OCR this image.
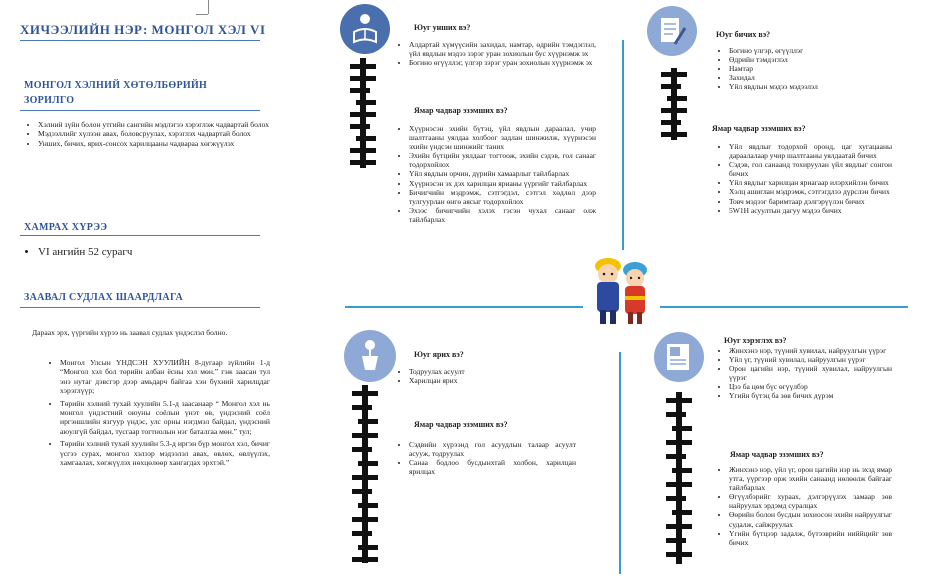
ХИЧЭЭЛИЙН НЭР: МОНГОЛ ХЭЛ VI
МОНГОЛ ХЭЛНИЙ ХӨТӨЛБӨРИЙН
ЗОРИЛГО
• Хэлний зүйн болон утгийн сангийн мэдлэгээ хэрэглэж чадвартай болох
• Мэдээллийг хүлээн авах, боловсруулах, хэрэглэх чадвартай болох
• Унших, бичих, ярих-сонсох харилцааны чадвараа хөгжүүлэх
ХАМРАХ ХҮРЭЭ
• VI ангийн 52 сурагч
ЗААВАЛ СУДЛАХ ШААРДЛАГА
Дараах эрх, үүргийн хүрээ нь заавал судлах үндэслэл болно.
• Монгол Улсын ҮНДСЭН ХУУЛИЙН 8-дугаар зүйлийн 1-д “Монгол хэл бол төрийн албан ёсны хэл мөн.” гэж заасан тул энэ нутаг дэвсгэр дээр амьдарч байгаа хэн бүхний харилцдаг хэрэглүүр;
• Төрийн хэлний тухай хуулийн 5.1-д заасанаар “ Монгол хэл нь монгол үндэстний оюуны соёлын үнэт өв, үндэсний соёл иргэншлийн язгуур үндэс, улс орны нэгдмэл байдал, үндэсний аюулгүй байдал, тусгаар тогтнолын нэг баталгаа мөн.” тул;
• Төрийн хэлний тухай хуулийн 5.3-д иргэн бүр монгол хэл, бичиг үсгээ сурах, монгол хэлээр мэдээлэл авах, өвлөх, өвлүүлэх, хамгаалах, хөгжүүлэх нөхцөлөөр хангагдах эрхтэй.”
Юуг унших вэ?
• Алдартай хүмүүсийн захидал, намтар, өдрийн тэмдэглэл, үйл явдлын мэдээ зэрэг уран зохиолын бус хүүрнэмж эх
• Богино өгүүллэг, үлгэр зэрэг уран зохиолын хүүрнэмж эх
Ямар чадвар эзэмших вэ?
• Хүүрнэсэн эхийн бүтэц, үйл явдлын дараалал, учир шалтгааны уялдаа холбоог задлан шинжилж, хүүрнэсэн эхийн үндсэн шинжийг таних
• Эхийн бүтцийн уялдааг тогтоож, эхийн сэдэв, гол санааг тодорхойлох
• Үйл явдлын орчин, дүрийн хамаарлыг тайлбарлах
• Хүүрнэсэн эх дэх харилцан ярианы үүргийг тайлбарлах
• Бичигчийн мэдрэмж, сэтгэгдэл, сэтгэл хөдлөл дээр тулгуурлан өнгө аясыг тодорхойлох
• Эхээс бичигчийн хэлэх гэсэн чухал санааг олж тайлбарлах
Юуг бичих вэ?
• Богино үлгэр, өгүүллэг
• Өдрийн тэмдэглэл
• Намтар
• Захидал
• Үйл явдлын мэдээ мэдээлэл
Ямар чадвар эзэмших вэ?
• Үйл явдлыг тодорхой оронд, цаг хугацааны дараалалаар учир шалтгааны уялдаатай бичих
• Сэдэв, гол санаанд тохируулан үйл явдлыг сонгон бичих
• Үйл явдлыг харилцан яриагаар илэрхийлэн бичих
• Хэлц ашиглан мэдрэмж, сэтгэгдлээ дүрслэн бичих
• Товч мэдээг баримтаар дэлгэрүүлэн бичих
• 5W1H асуултын дагуу мэдээ бичих
Юуг ярих вэ?
• Тодруулах асуулт
• Харилцан ярих
Ямар чадвар эзэмших вэ?
• Сэдвийн хүрээнд гол асуудлын талаар асуулт асууж, тодруулах
• Санаа бодлоо бусдынхтай холбон, харилцан ярилцах
Юуг хэрэглэх вэ?
• Жинхэнэ нэр, түүний хувилал, найруулгын үүрэг
• Үйл үг, түүний хувилал, найруулгын үүрэг
• Орон цагийн нэр, түүний хувилал, найруулгын үүрэг
• Цээ ба цөм бүс өгүүлбэр
• Үгийн бүтэц ба зөв бичих дүрэм
Ямар чадвар эзэмших вэ?
• Жинхэнэ нэр, үйл үг, орон цагийн нэр нь эхэд ямар утга, үүргээр орж эхийн санаанд нөлөөлж байгааг тайлбарлах
• Өгүүлбэрийг хураах, дэлгэрүүлэх замаар зөв найруулах эрдэмд суралцах
• Өөрийн болон бусдын зохиосон эхийн найруулгыг судалж, сайжруулах
• Үгийн бүтцээр задалж, бүтээврийн ниййцийг зөв бичих
